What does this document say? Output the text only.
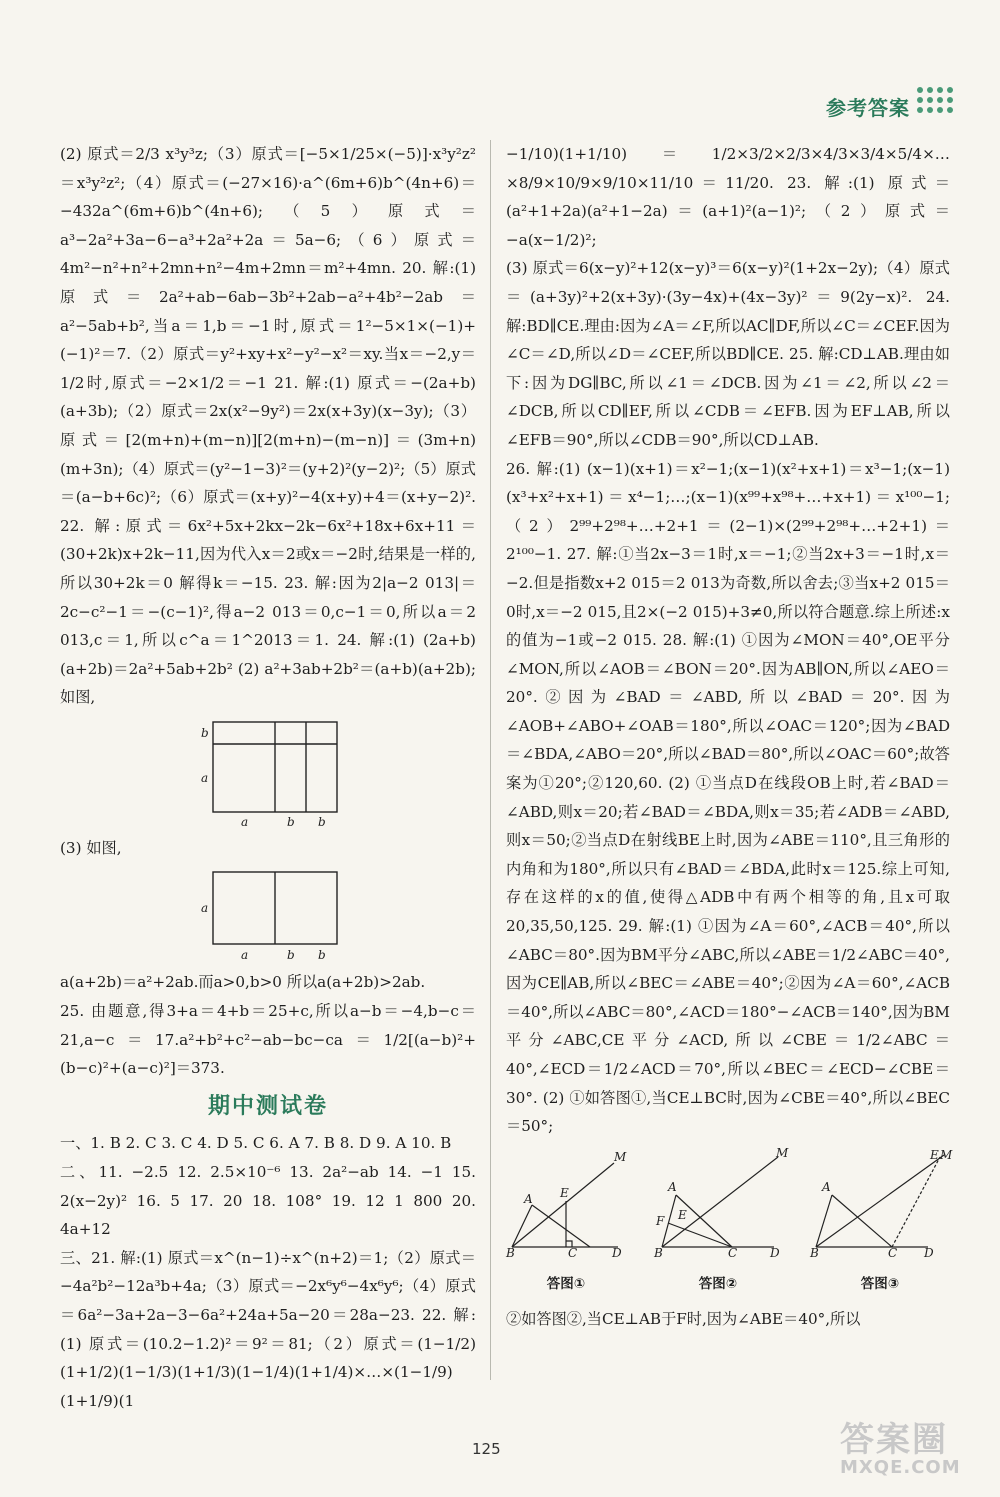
参考答案

(2) 原式＝2/3 x³y³z;（3）原式＝[−5×1/25×(−5)]·x³y²z²＝x³y²z²;（4）原式＝(−27×16)·a^(6m+6)b^(4n+6)＝−432a^(6m+6)b^(4n+6);（5）原式＝a³−2a²+3a−6−a³+2a²+2a＝5a−6;（6）原式＝4m²−n²+n²+2mn+n²−4m+2mn＝m²+4mn. 20. 解:(1) 原式＝2a²+ab−6ab−3b²+2ab−a²+4b²−2ab＝a²−5ab+b²,当a＝1,b＝−1时,原式＝1²−5×1×(−1)+(−1)²＝7.（2）原式＝y²+xy+x²−y²−x²＝xy.当x＝−2,y＝1/2时,原式＝−2×1/2＝−1 21. 解:(1) 原式＝−(2a+b)(a+3b);（2）原式＝2x(x²−9y²)＝2x(x+3y)(x−3y);（3）原式＝[2(m+n)+(m−n)][2(m+n)−(m−n)]＝(3m+n)(m+3n);（4）原式＝(y²−1−3)²＝(y+2)²(y−2)²;（5）原式＝(a−b+6c)²;（6）原式＝(x+y)²−4(x+y)+4＝(x+y−2)². 22. 解:原式＝6x²+5x+2kx−2k−6x²+18x+6x+11＝(30+2k)x+2k−11,因为代入x＝2或x＝−2时,结果是一样的,所以30+2k＝0 解得k＝−15. 23. 解:因为2|a−2 013|＝2c−c²−1＝−(c−1)²,得a−2 013＝0,c−1＝0,所以a＝2 013,c＝1,所以c^a＝1^2013＝1. 24. 解:(1) (2a+b)(a+2b)＝2a²+5ab+2b² (2) a²+3ab+2b²＝(a+b)(a+2b);如图,

b
a
a	b b

(3) 如图,

a
a	b b

a(a+2b)＝a²+2ab.而a>0,b>0 所以a(a+2b)>2ab.

25. 由题意,得3+a＝4+b＝25+c,所以a−b＝−4,b−c＝21,a−c＝17.a²+b²+c²−ab−bc−ca＝1/2[(a−b)²+(b−c)²+(a−c)²]＝373.

期中测试卷

一、1. B 2. C 3. C 4. D 5. C 6. A 7. B 8. D 9. A 10. B

二、11. −2.5 12. 2.5×10⁻⁶ 13. 2a²−ab 14. −1 15. 2(x−2y)² 16. 5 17. 20 18. 108° 19. 12 1 800 20. 4a+12

三、21. 解:(1) 原式＝x^(n−1)÷x^(n+2)＝1;（2）原式＝−4a²b²−12a³b+4a;（3）原式＝−2x⁶y⁶−4x⁶y⁶;（4）原式＝6a²−3a+2a−3−6a²+24a+5a−20＝28a−23. 22. 解:(1) 原式＝(10.2−1.2)²＝9²＝81;（2）原式＝(1−1/2)(1+1/2)(1−1/3)(1+1/3)(1−1/4)(1+1/4)×…×(1−1/9)(1+1/9)(1

−1/10)(1+1/10)＝1/2×3/2×2/3×4/3×3/4×5/4×…×8/9×10/9×9/10×11/10＝11/20. 23. 解:(1) 原式＝(a²+1+2a)(a²+1−2a)＝(a+1)²(a−1)²;（2）原式＝−a(x−1/2)²;

(3) 原式＝6(x−y)²+12(x−y)³＝6(x−y)²(1+2x−2y);（4）原式＝(a+3y)²+2(x+3y)·(3y−4x)+(4x−3y)²＝9(2y−x)². 24. 解:BD∥CE.理由:因为∠A＝∠F,所以AC∥DF,所以∠C＝∠CEF.因为∠C＝∠D,所以∠D＝∠CEF,所以BD∥CE. 25. 解:CD⊥AB.理由如下:因为DG∥BC,所以∠1＝∠DCB.因为∠1＝∠2,所以∠2＝∠DCB,所以CD∥EF,所以∠CDB＝∠EFB.因为EF⊥AB,所以∠EFB＝90°,所以∠CDB＝90°,所以CD⊥AB.

26. 解:(1) (x−1)(x+1)＝x²−1;(x−1)(x²+x+1)＝x³−1;(x−1)(x³+x²+x+1)＝x⁴−1;…;(x−1)(x⁹⁹+x⁹⁸+…+x+1)＝x¹⁰⁰−1;（2）2⁹⁹+2⁹⁸+…+2+1＝(2−1)×(2⁹⁹+2⁹⁸+…+2+1)＝2¹⁰⁰−1. 27. 解:①当2x−3＝1时,x＝−1;②当2x+3＝−1时,x＝−2.但是指数x+2 015＝2 013为奇数,所以舍去;③当x+2 015＝0时,x＝−2 015,且2×(−2 015)+3≠0,所以符合题意.综上所述:x的值为−1或−2 015. 28. 解:(1) ①因为∠MON＝40°,OE平分∠MON,所以∠AOB＝∠BON＝20°.因为AB∥ON,所以∠AEO＝20°.②因为∠BAD＝∠ABD,所以∠BAD＝20°.因为∠AOB+∠ABO+∠OAB＝180°,所以∠OAC＝120°;因为∠BAD＝∠BDA,∠ABO＝20°,所以∠BAD＝80°,所以∠OAC＝60°;故答案为①20°;②120,60. (2) ①当点D在线段OB上时,若∠BAD＝∠ABD,则x＝20;若∠BAD＝∠BDA,则x＝35;若∠ADB＝∠ABD,则x＝50;②当点D在射线BE上时,因为∠ABE＝110°,且三角形的内角和为180°,所以只有∠BAD＝∠BDA,此时x＝125.综上可知,存在这样的x的值,使得△ADB中有两个相等的角,且x可取20,35,50,125. 29. 解:(1) ①因为∠A＝60°,∠ACB＝40°,所以∠ABC＝80°.因为BM平分∠ABC,所以∠ABE＝1/2∠ABC＝40°,因为CE∥AB,所以∠BEC＝∠ABE＝40°;②因为∠A＝60°,∠ACB＝40°,所以∠ABC＝80°,∠ACD＝180°−∠ACB＝140°,因为BM平分∠ABC,CE平分∠ACD,所以∠CBE＝1/2∠ABC＝40°,∠ECD＝1/2∠ACD＝70°,所以∠BEC＝∠ECD−∠CBE＝30°. (2) ①如答图①,当CE⊥BC时,因为∠CBE＝40°,所以∠BEC＝50°;

A E
M
B	C	D
答图①
A
M
E
F
B	C	D
答图②
E M
A
B	C D
答图③

②如答图②,当CE⊥AB于F时,因为∠ABE＝40°,所以

125	答案圈
MXQE.COM
